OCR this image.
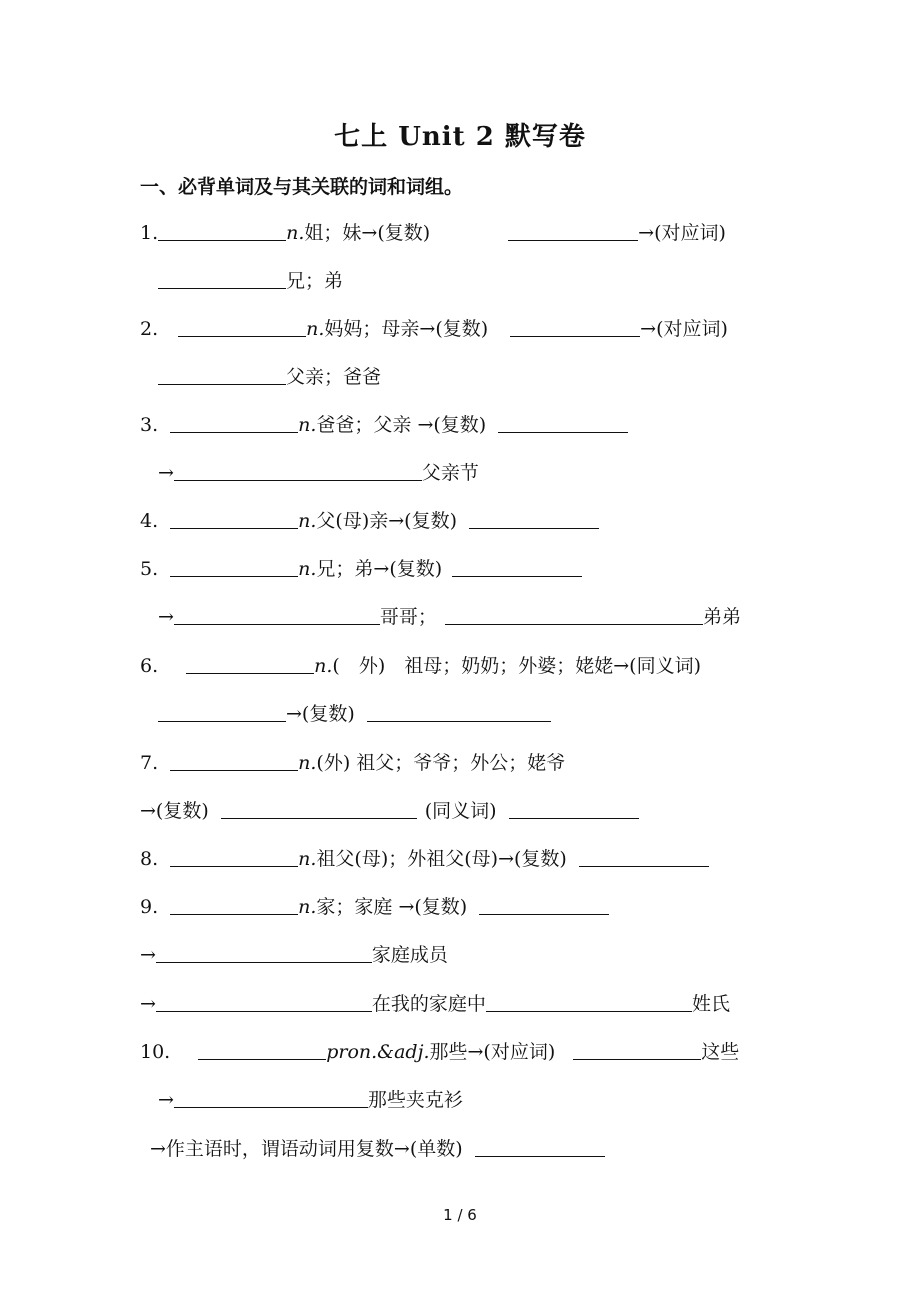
七上 Unit 2 默写卷
一、必背单词及与其关联的词和词组。
1.	n.姐；妹→(复数)	→(对应词)
兄；弟
2.	n.妈妈；母亲→(复数)	→(对应词)
父亲；爸爸
3.	n.爸爸；父亲 →(复数)
→	父亲节
4.	n.父(母)亲→(复数)
5.	n.兄；弟→(复数)
→	哥哥；	弟弟
6.	n.(　外)　祖母；奶奶；外婆；姥姥→(同义词)
→(复数)
7.	n.(外) 祖父；爷爷；外公；姥爷
→(复数)	(同义词)
8.	n.祖父(母)；外祖父(母)→(复数)
9.	n.家；家庭 →(复数)
→	家庭成员
→	在我的家庭中	姓氏
10.	pron.&adj.那些→(对应词)	这些
→	那些夹克衫
→作主语时，谓语动词用复数→(单数)
1 / 6
